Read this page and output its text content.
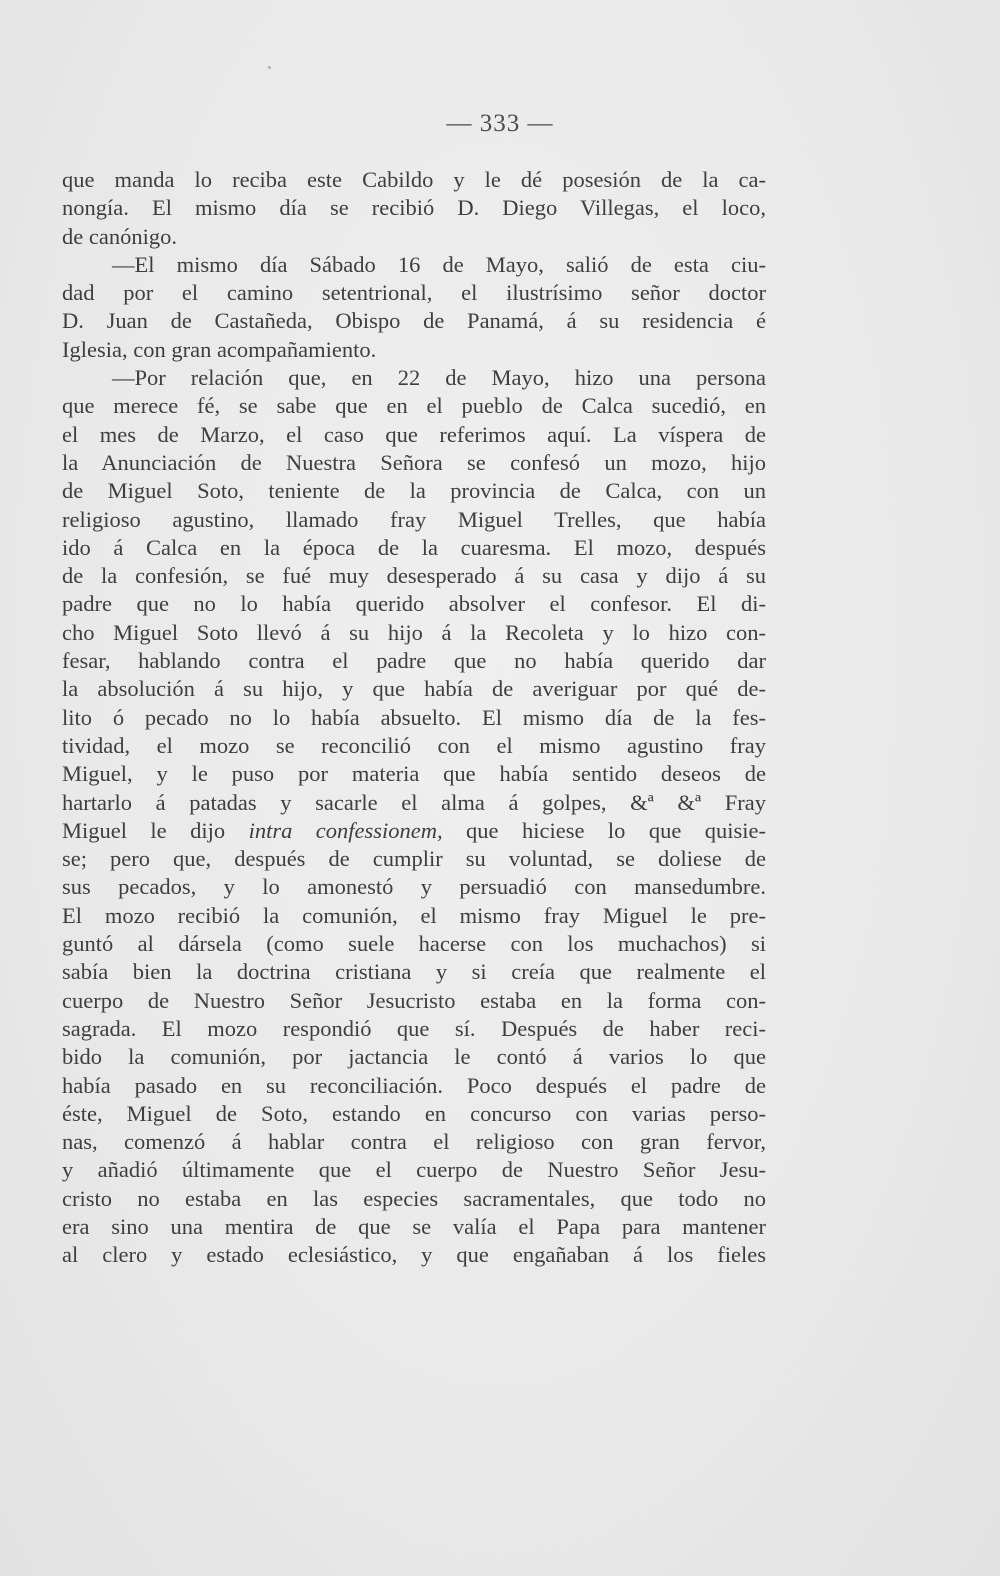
— 333 —
que manda lo reciba este Cabildo y le dé posesión de la ca-
nongía. El mismo día se recibió D. Diego Villegas, el loco,
de canónigo.
—El mismo día Sábado 16 de Mayo, salió de esta ciu-
dad por el camino setentrional, el ilustrísimo señor doctor
D. Juan de Castañeda, Obispo de Panamá, á su residencia é
Iglesia, con gran acompañamiento.
—Por relación que, en 22 de Mayo, hizo una persona
que merece fé, se sabe que en el pueblo de Calca sucedió, en
el mes de Marzo, el caso que referimos aquí. La víspera de
la Anunciación de Nuestra Señora se confesó un mozo, hijo
de Miguel Soto, teniente de la provincia de Calca, con un
religioso agustino, llamado fray Miguel Trelles, que había
ido á Calca en la época de la cuaresma. El mozo, después
de la confesión, se fué muy desesperado á su casa y dijo á su
padre que no lo había querido absolver el confesor. El di-
cho Miguel Soto llevó á su hijo á la Recoleta y lo hizo con-
fesar, hablando contra el padre que no había querido dar
la absolución á su hijo, y que había de averiguar por qué de-
lito ó pecado no lo había absuelto. El mismo día de la fes-
tividad, el mozo se reconcilió con el mismo agustino fray
Miguel, y le puso por materia que había sentido deseos de
hartarlo á patadas y sacarle el alma á golpes, &ª &ª Fray
Miguel le dijo intra confessionem, que hiciese lo que quisie-
se; pero que, después de cumplir su voluntad, se doliese de
sus pecados, y lo amonestó y persuadió con mansedumbre.
El mozo recibió la comunión, el mismo fray Miguel le pre-
guntó al dársela (como suele hacerse con los muchachos) si
sabía bien la doctrina cristiana y si creía que realmente el
cuerpo de Nuestro Señor Jesucristo estaba en la forma con-
sagrada. El mozo respondió que sí. Después de haber reci-
bido la comunión, por jactancia le contó á varios lo que
había pasado en su reconciliación. Poco después el padre de
éste, Miguel de Soto, estando en concurso con varias perso-
nas, comenzó á hablar contra el religioso con gran fervor,
y añadió últimamente que el cuerpo de Nuestro Señor Jesu-
cristo no estaba en las especies sacramentales, que todo no
era sino una mentira de que se valía el Papa para mantener
al clero y estado eclesiástico, y que engañaban á los fieles
